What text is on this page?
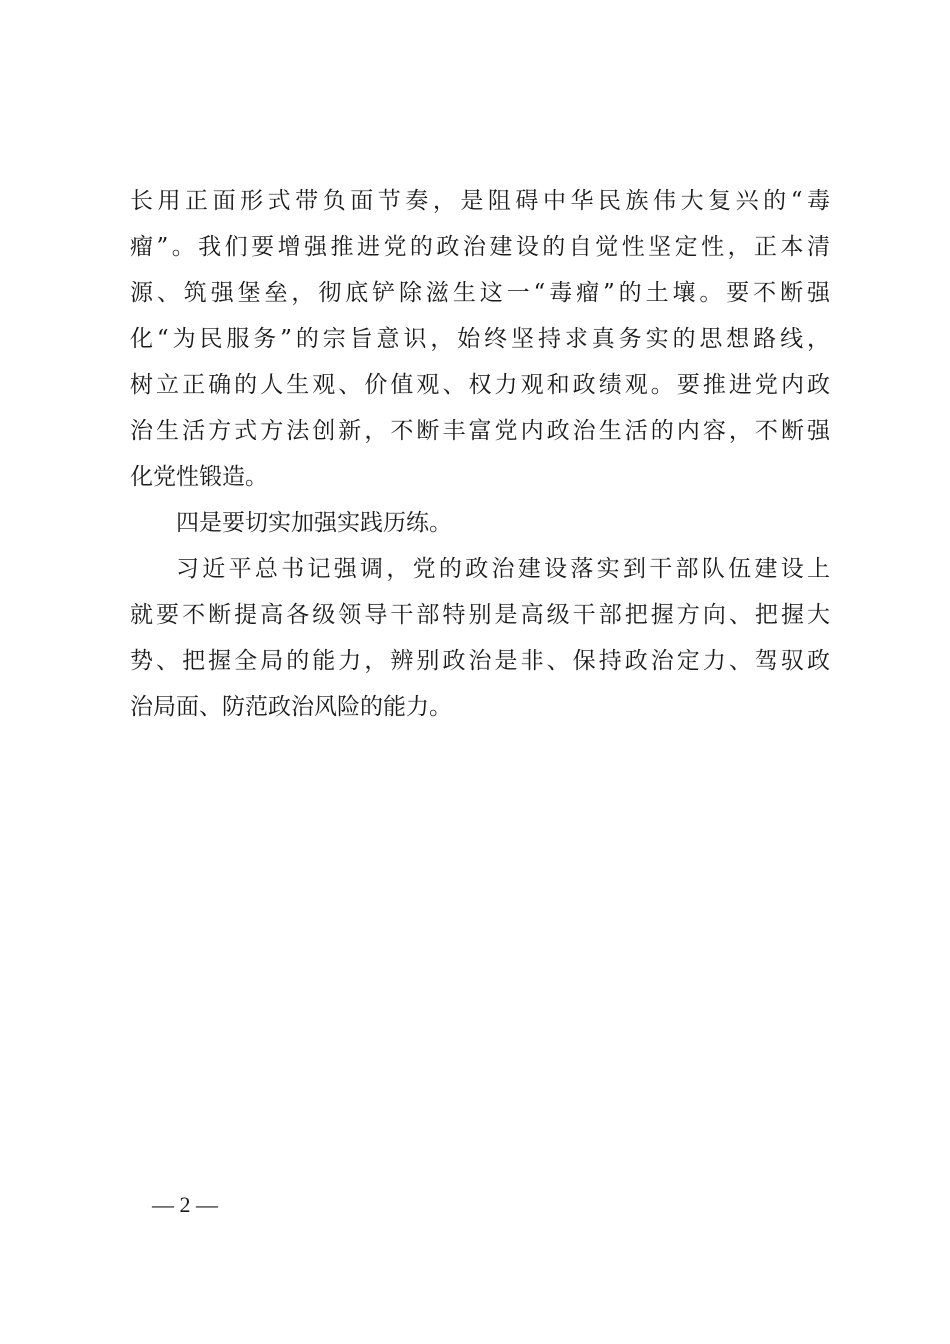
长用正面形式带负面节奏，是阻碍中华民族伟大复兴的“毒
瘤”。我们要增强推进党的政治建设的自觉性坚定性，正本清
源、筑强堡垒，彻底铲除滋生这一“毒瘤”的土壤。要不断强
化“为民服务”的宗旨意识，始终坚持求真务实的思想路线，
树立正确的人生观、价值观、权力观和政绩观。要推进党内政
治生活方式方法创新，不断丰富党内政治生活的内容，不断强
化党性锻造。
四是要切实加强实践历练。
习近平总书记强调，党的政治建设落实到干部队伍建设上
就要不断提高各级领导干部特别是高级干部把握方向、把握大
势、把握全局的能力，辨别政治是非、保持政治定力、驾驭政
治局面、防范政治风险的能力。
— 2 —
